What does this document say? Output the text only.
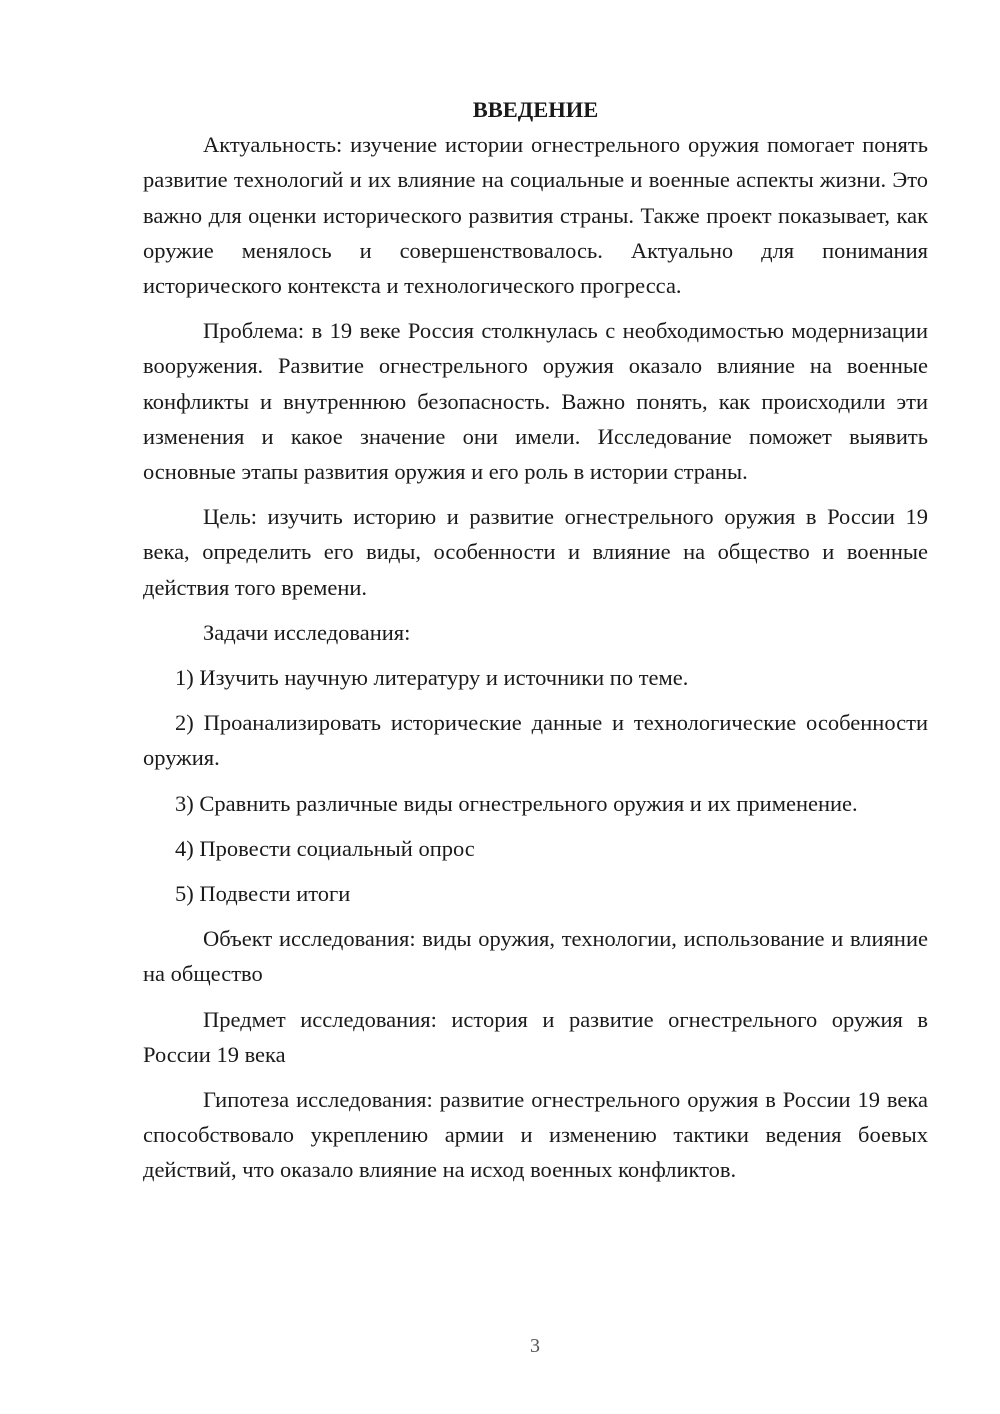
ВВЕДЕНИЕ

Актуальность: изучение истории огнестрельного оружия помогает понять развитие технологий и их влияние на социальные и военные аспекты жизни. Это важно для оценки исторического развития страны. Также проект показывает, как оружие менялось и совершенствовалось. Актуально для понимания исторического контекста и технологического прогресса.

Проблема: в 19 веке Россия столкнулась с необходимостью модернизации вооружения. Развитие огнестрельного оружия оказало влияние на военные конфликты и внутреннюю безопасность. Важно понять, как происходили эти изменения и какое значение они имели. Исследование поможет выявить основные этапы развития оружия и его роль в истории страны.

Цель: изучить историю и развитие огнестрельного оружия в России 19 века, определить его виды, особенности и влияние на общество и военные действия того времени.

Задачи исследования:

1) Изучить научную литературу и источники по теме.

2) Проанализировать исторические данные и технологические особенности оружия.

3) Сравнить различные виды огнестрельного оружия и их применение.

4) Провести социальный опрос

5) Подвести итоги

Объект исследования: виды оружия, технологии, использование и влияние на общество

Предмет исследования: история и развитие огнестрельного оружия в России 19 века

Гипотеза исследования: развитие огнестрельного оружия в России 19 века способствовало укреплению армии и изменению тактики ведения боевых действий, что оказало влияние на исход военных конфликтов.

3
